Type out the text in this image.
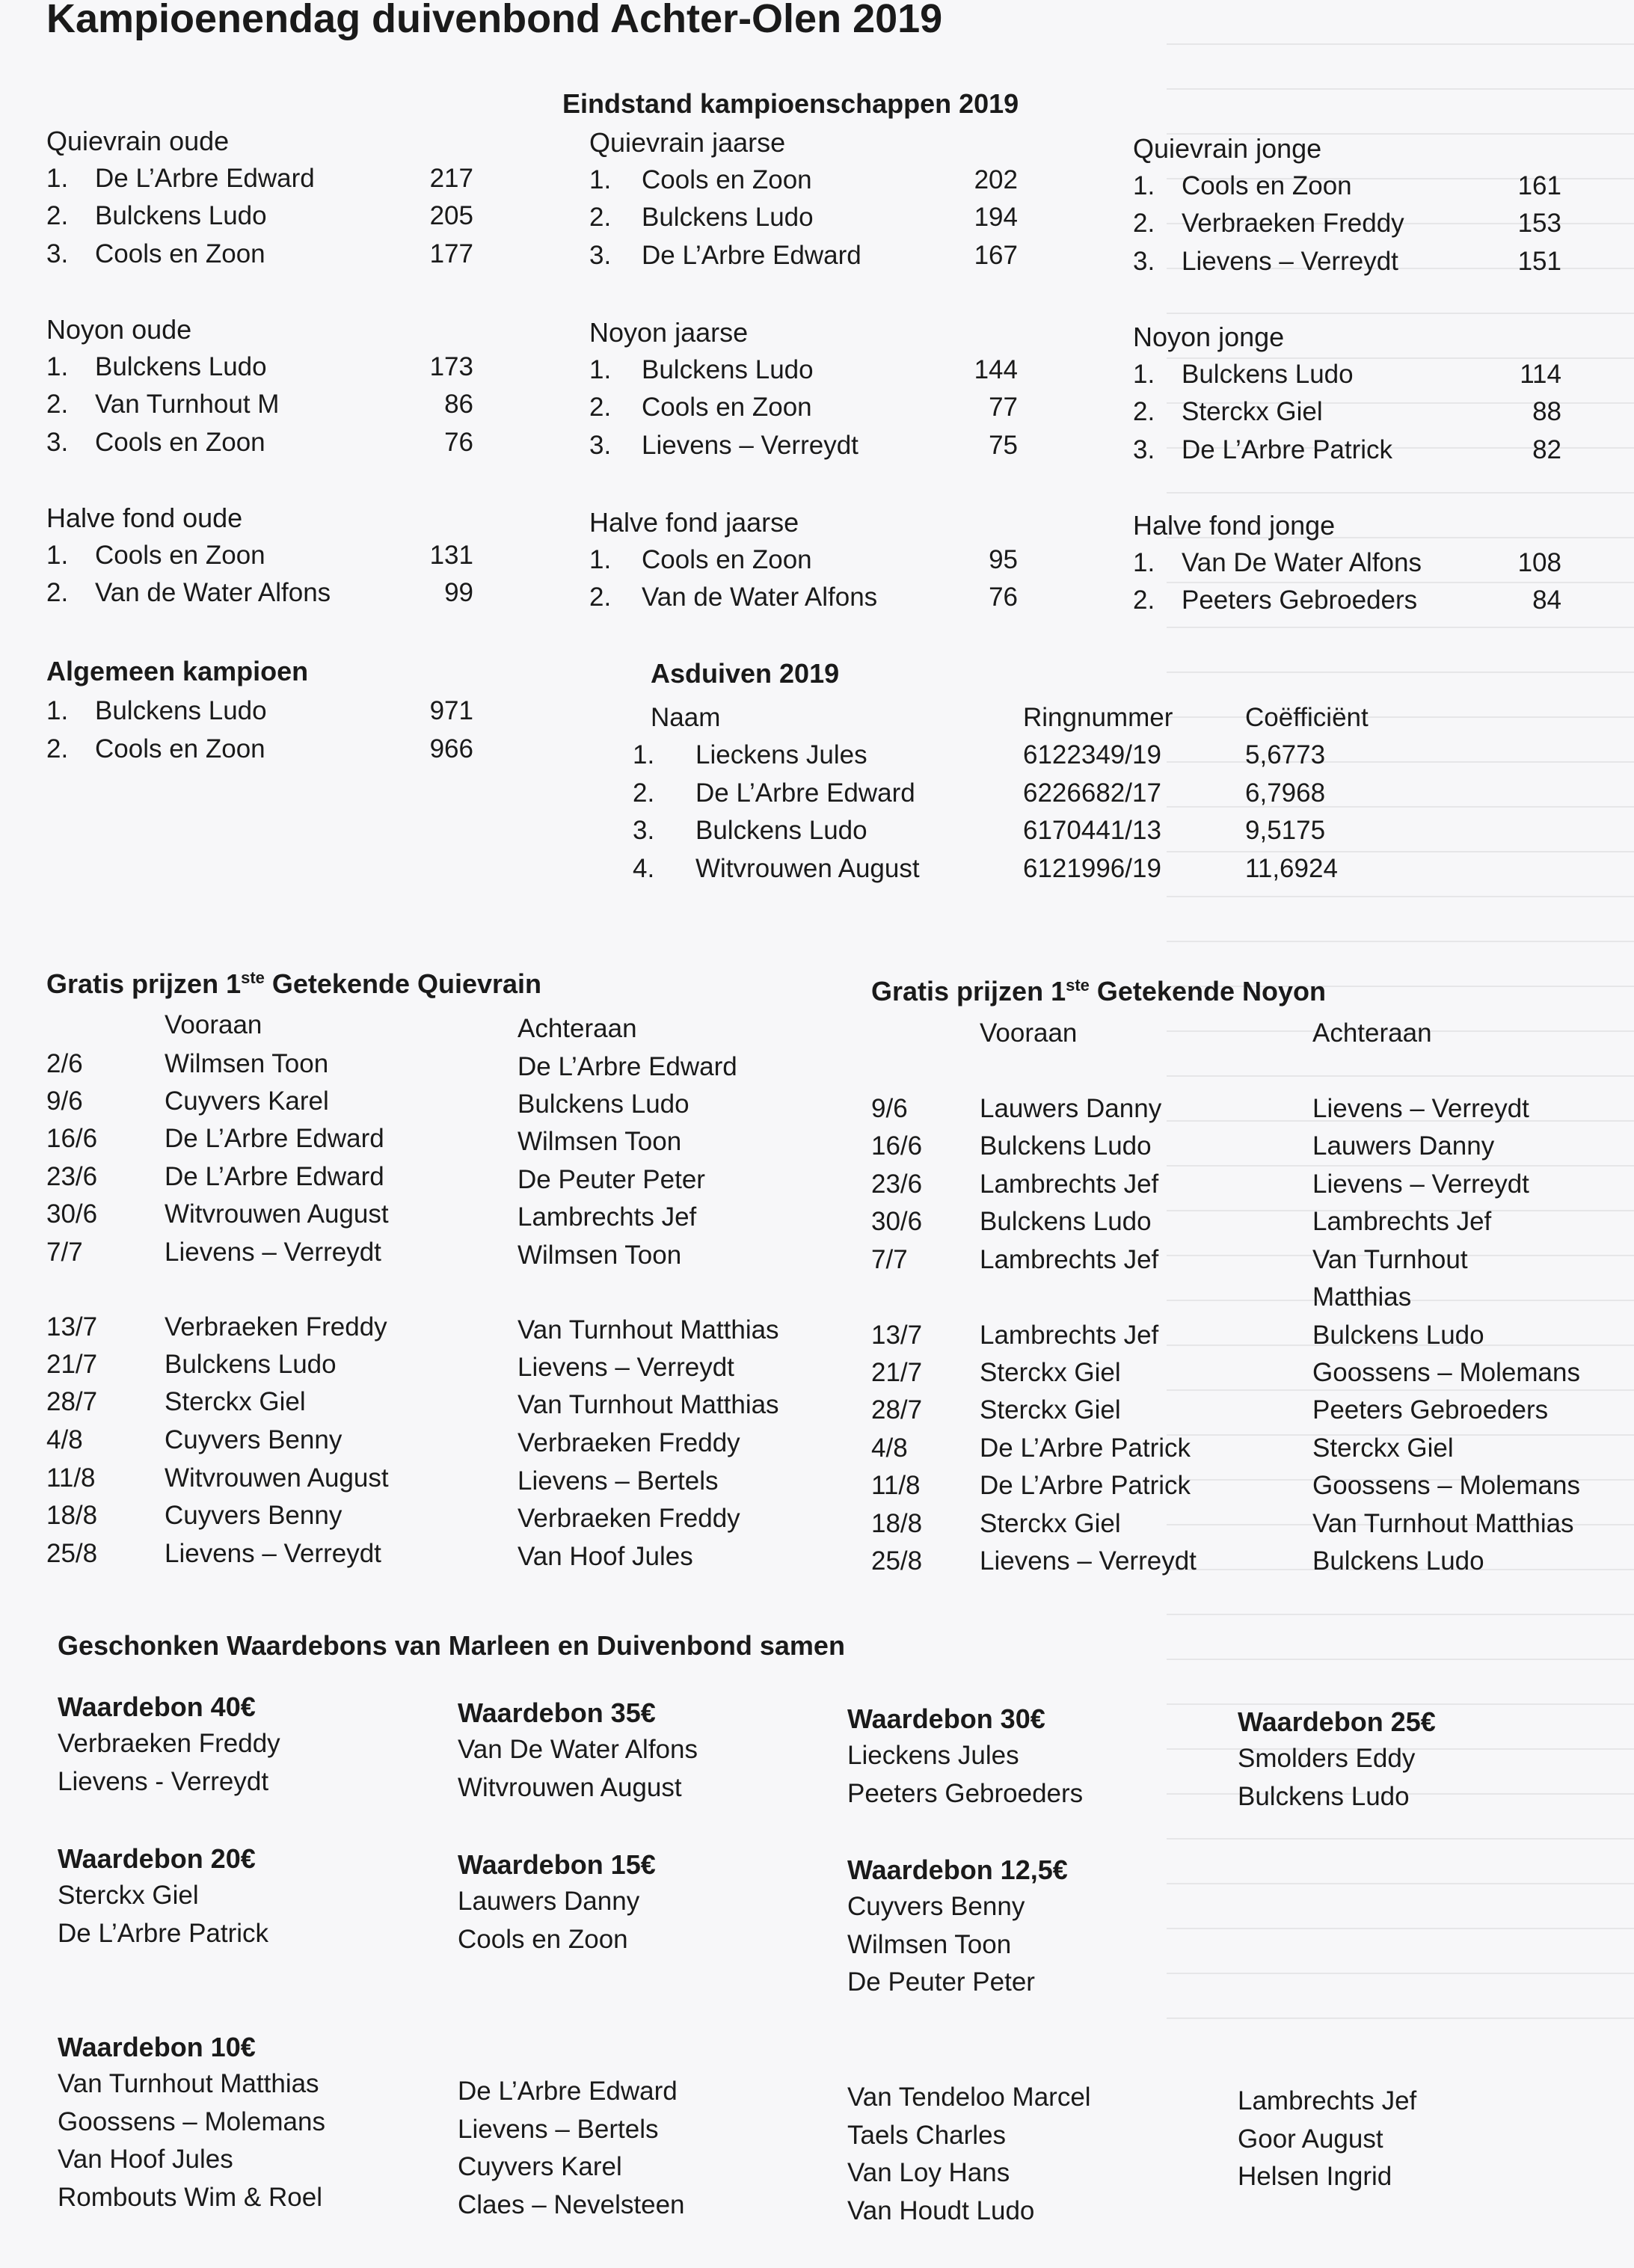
Kampioenendag duivenbond Achter-Olen 2019
Eindstand kampioenschappen 2019
Quievrain oude
1. De L’Arbre Edward	217
2. Bulckens Ludo	205
3. Cools en Zoon	177
Noyon oude
1. Bulckens Ludo	173
2. Van Turnhout M	86
3. Cools en Zoon	76
Halve fond oude
1. Cools en Zoon	131
2. Van de Water Alfons	99
Quievrain jaarse
1. Cools en Zoon	202
2. Bulckens Ludo	194
3. De L’Arbre Edward	167
Noyon jaarse
1. Bulckens Ludo	144
2. Cools en Zoon	77
3. Lievens – Verreydt	75
Halve fond jaarse
1. Cools en Zoon	95
2. Van de Water Alfons	76
Quievrain jonge
1. Cools en Zoon	161
2. Verbraeken Freddy	153
3. Lievens – Verreydt	151
Noyon jonge
1. Bulckens Ludo	114
2. Sterckx Giel	88
3. De L’Arbre Patrick	82
Halve fond jonge
1. Van De Water Alfons	108
2. Peeters Gebroeders	84
Algemeen kampioen
1. Bulckens Ludo	971
2. Cools en Zoon	966
Asduiven 2019
Naam	Ringnummer	Coëfficiënt
1. Lieckens Jules	6122349/19	5,6773
2. De L’Arbre Edward	6226682/17	6,7968
3. Bulckens Ludo	6170441/13	9,5175
4. Witvrouwen August	6121996/19	11,6924
Gratis prijzen 1ste Getekende Quievrain
Vooraan	Achteraan
2/6	Wilmsen Toon	De L’Arbre Edward
9/6	Cuyvers Karel	Bulckens Ludo
16/6	De L’Arbre Edward	Wilmsen Toon
23/6	De L’Arbre Edward	De Peuter Peter
30/6	Witvrouwen August	Lambrechts Jef
7/7	Lievens – Verreydt	Wilmsen Toon
13/7	Verbraeken Freddy	Van Turnhout Matthias
21/7	Bulckens Ludo	Lievens – Verreydt
28/7	Sterckx Giel	Van Turnhout Matthias
4/8	Cuyvers Benny	Verbraeken Freddy
11/8	Witvrouwen August	Lievens – Bertels
18/8	Cuyvers Benny	Verbraeken Freddy
25/8	Lievens – Verreydt	Van Hoof Jules
Gratis prijzen 1ste Getekende Noyon
Vooraan	Achteraan
9/6	Lauwers Danny	Lievens – Verreydt
16/6 Bulckens Ludo	Lauwers Danny
23/6 Lambrechts Jef	Lievens – Verreydt
30/6 Bulckens Ludo	Lambrechts Jef
7/7	Lambrechts Jef	Van Turnhout
Matthias
13/7 Lambrechts Jef	Bulckens Ludo
21/7 Sterckx Giel	Goossens – Molemans
28/7 Sterckx Giel	Peeters Gebroeders
4/8	De L’Arbre Patrick	Sterckx Giel
11/8 De L’Arbre Patrick	Goossens – Molemans
18/8 Sterckx Giel	Van Turnhout Matthias
25/8 Lievens – Verreydt	Bulckens Ludo
Geschonken Waardebons van Marleen en Duivenbond samen
Waardebon 40€
Verbraeken Freddy
Lievens - Verreydt
Waardebon 35€
Van De Water Alfons
Witvrouwen August
Waardebon 30€
Lieckens Jules
Peeters Gebroeders
Waardebon 25€
Smolders Eddy
Bulckens Ludo
Waardebon 20€
Sterckx Giel
De L’Arbre Patrick
Waardebon 15€
Lauwers Danny
Cools en Zoon
Waardebon 12,5€
Cuyvers Benny
Wilmsen Toon
De Peuter Peter
Waardebon 10€
Van Turnhout Matthias
Goossens – Molemans
Van Hoof Jules
Rombouts Wim & Roel
De L’Arbre Edward
Lievens – Bertels
Cuyvers Karel
Claes – Nevelsteen
Van Tendeloo Marcel
Taels Charles
Van Loy Hans
Van Houdt Ludo
Lambrechts Jef
Goor August
Helsen Ingrid
